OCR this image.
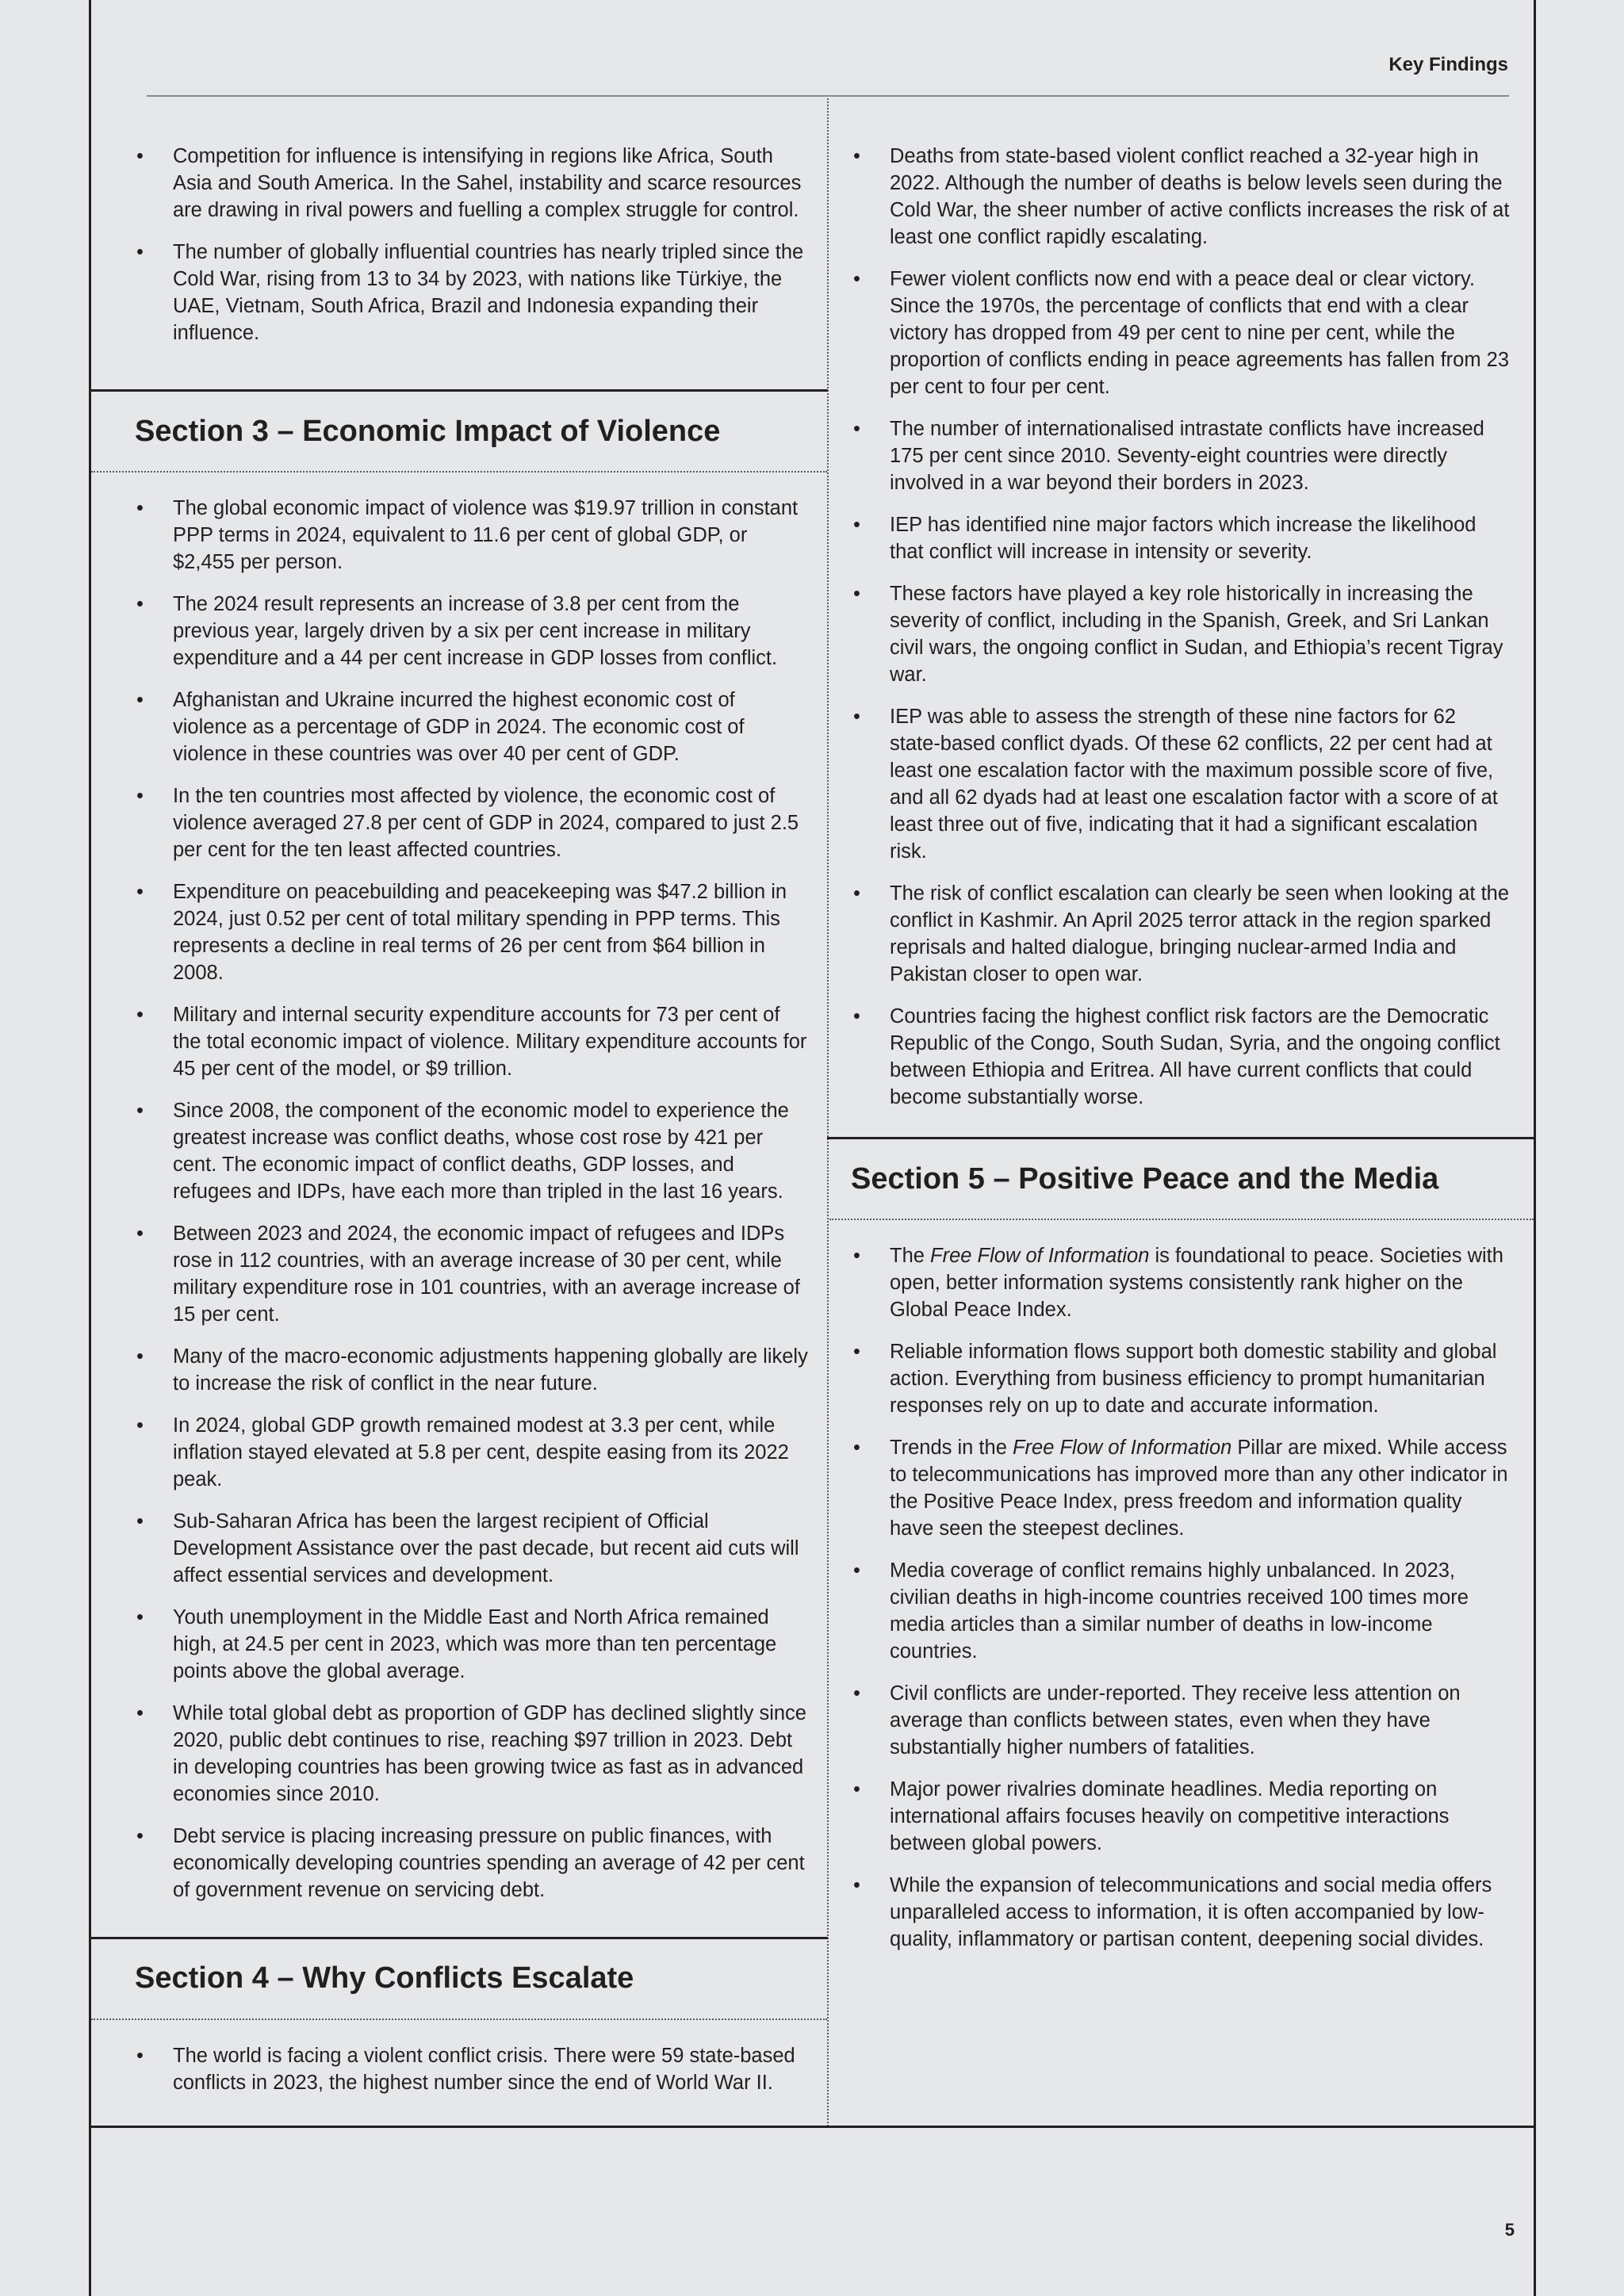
Key Findings
• Competition for influence is intensifying in regions like Africa, South Asia and South America. In the Sahel, instability and scarce resources are drawing in rival powers and fuelling a complex struggle for control.
• The number of globally influential countries has nearly tripled since the Cold War, rising from 13 to 34 by 2023, with nations like Türkiye, the UAE, Vietnam, South Africa, Brazil and Indonesia expanding their influence.
Section 3 – Economic Impact of Violence
• The global economic impact of violence was $19.97 trillion in constant PPP terms in 2024, equivalent to 11.6 per cent of global GDP, or $2,455 per person.
• The 2024 result represents an increase of 3.8 per cent from the previous year, largely driven by a six per cent increase in military expenditure and a 44 per cent increase in GDP losses from conflict.
• Afghanistan and Ukraine incurred the highest economic cost of violence as a percentage of GDP in 2024. The economic cost of violence in these countries was over 40 per cent of GDP.
• In the ten countries most affected by violence, the economic cost of violence averaged 27.8 per cent of GDP in 2024, compared to just 2.5 per cent for the ten least affected countries.
• Expenditure on peacebuilding and peacekeeping was $47.2 billion in 2024, just 0.52 per cent of total military spending in PPP terms. This represents a decline in real terms of 26 per cent from $64 billion in 2008.
• Military and internal security expenditure accounts for 73 per cent of the total economic impact of violence. Military expenditure accounts for 45 per cent of the model, or $9 trillion.
• Since 2008, the component of the economic model to experience the greatest increase was conflict deaths, whose cost rose by 421 per cent. The economic impact of conflict deaths, GDP losses, and refugees and IDPs, have each more than tripled in the last 16 years.
• Between 2023 and 2024, the economic impact of refugees and IDPs rose in 112 countries, with an average increase of 30 per cent, while military expenditure rose in 101 countries, with an average increase of 15 per cent.
• Many of the macro-economic adjustments happening globally are likely to increase the risk of conflict in the near future.
• In 2024, global GDP growth remained modest at 3.3 per cent, while inflation stayed elevated at 5.8 per cent, despite easing from its 2022 peak.
• Sub-Saharan Africa has been the largest recipient of Official Development Assistance over the past decade, but recent aid cuts will affect essential services and development.
• Youth unemployment in the Middle East and North Africa remained high, at 24.5 per cent in 2023, which was more than ten percentage points above the global average.
• While total global debt as proportion of GDP has declined slightly since 2020, public debt continues to rise, reaching $97 trillion in 2023. Debt in developing countries has been growing twice as fast as in advanced economies since 2010.
• Debt service is placing increasing pressure on public finances, with economically developing countries spending an average of 42 per cent of government revenue on servicing debt.
Section 4 – Why Conflicts Escalate
• The world is facing a violent conflict crisis. There were 59 state-based conflicts in 2023, the highest number since the end of World War II.
• Deaths from state-based violent conflict reached a 32-year high in 2022. Although the number of deaths is below levels seen during the Cold War, the sheer number of active conflicts increases the risk of at least one conflict rapidly escalating.
• Fewer violent conflicts now end with a peace deal or clear victory. Since the 1970s, the percentage of conflicts that end with a clear victory has dropped from 49 per cent to nine per cent, while the proportion of conflicts ending in peace agreements has fallen from 23 per cent to four per cent.
• The number of internationalised intrastate conflicts have increased 175 per cent since 2010. Seventy-eight countries were directly involved in a war beyond their borders in 2023.
• IEP has identified nine major factors which increase the likelihood that conflict will increase in intensity or severity.
• These factors have played a key role historically in increasing the severity of conflict, including in the Spanish, Greek, and Sri Lankan civil wars, the ongoing conflict in Sudan, and Ethiopia’s recent Tigray war.
• IEP was able to assess the strength of these nine factors for 62 state-based conflict dyads. Of these 62 conflicts, 22 per cent had at least one escalation factor with the maximum possible score of five, and all 62 dyads had at least one escalation factor with a score of at least three out of five, indicating that it had a significant escalation risk.
• The risk of conflict escalation can clearly be seen when looking at the conflict in Kashmir. An April 2025 terror attack in the region sparked reprisals and halted dialogue, bringing nuclear-armed India and Pakistan closer to open war.
• Countries facing the highest conflict risk factors are the Democratic Republic of the Congo, South Sudan, Syria, and the ongoing conflict between Ethiopia and Eritrea. All have current conflicts that could become substantially worse.
Section 5 – Positive Peace and the Media
• The Free Flow of Information is foundational to peace. Societies with open, better information systems consistently rank higher on the Global Peace Index.
• Reliable information flows support both domestic stability and global action. Everything from business efficiency to prompt humanitarian responses rely on up to date and accurate information.
• Trends in the Free Flow of Information Pillar are mixed. While access to telecommunications has improved more than any other indicator in the Positive Peace Index, press freedom and information quality have seen the steepest declines.
• Media coverage of conflict remains highly unbalanced. In 2023, civilian deaths in high-income countries received 100 times more media articles than a similar number of deaths in low-income countries.
• Civil conflicts are under-reported. They receive less attention on average than conflicts between states, even when they have substantially higher numbers of fatalities.
• Major power rivalries dominate headlines. Media reporting on international affairs focuses heavily on competitive interactions between global powers.
• While the expansion of telecommunications and social media offers unparalleled access to information, it is often accompanied by low-quality, inflammatory or partisan content, deepening social divides.
5
